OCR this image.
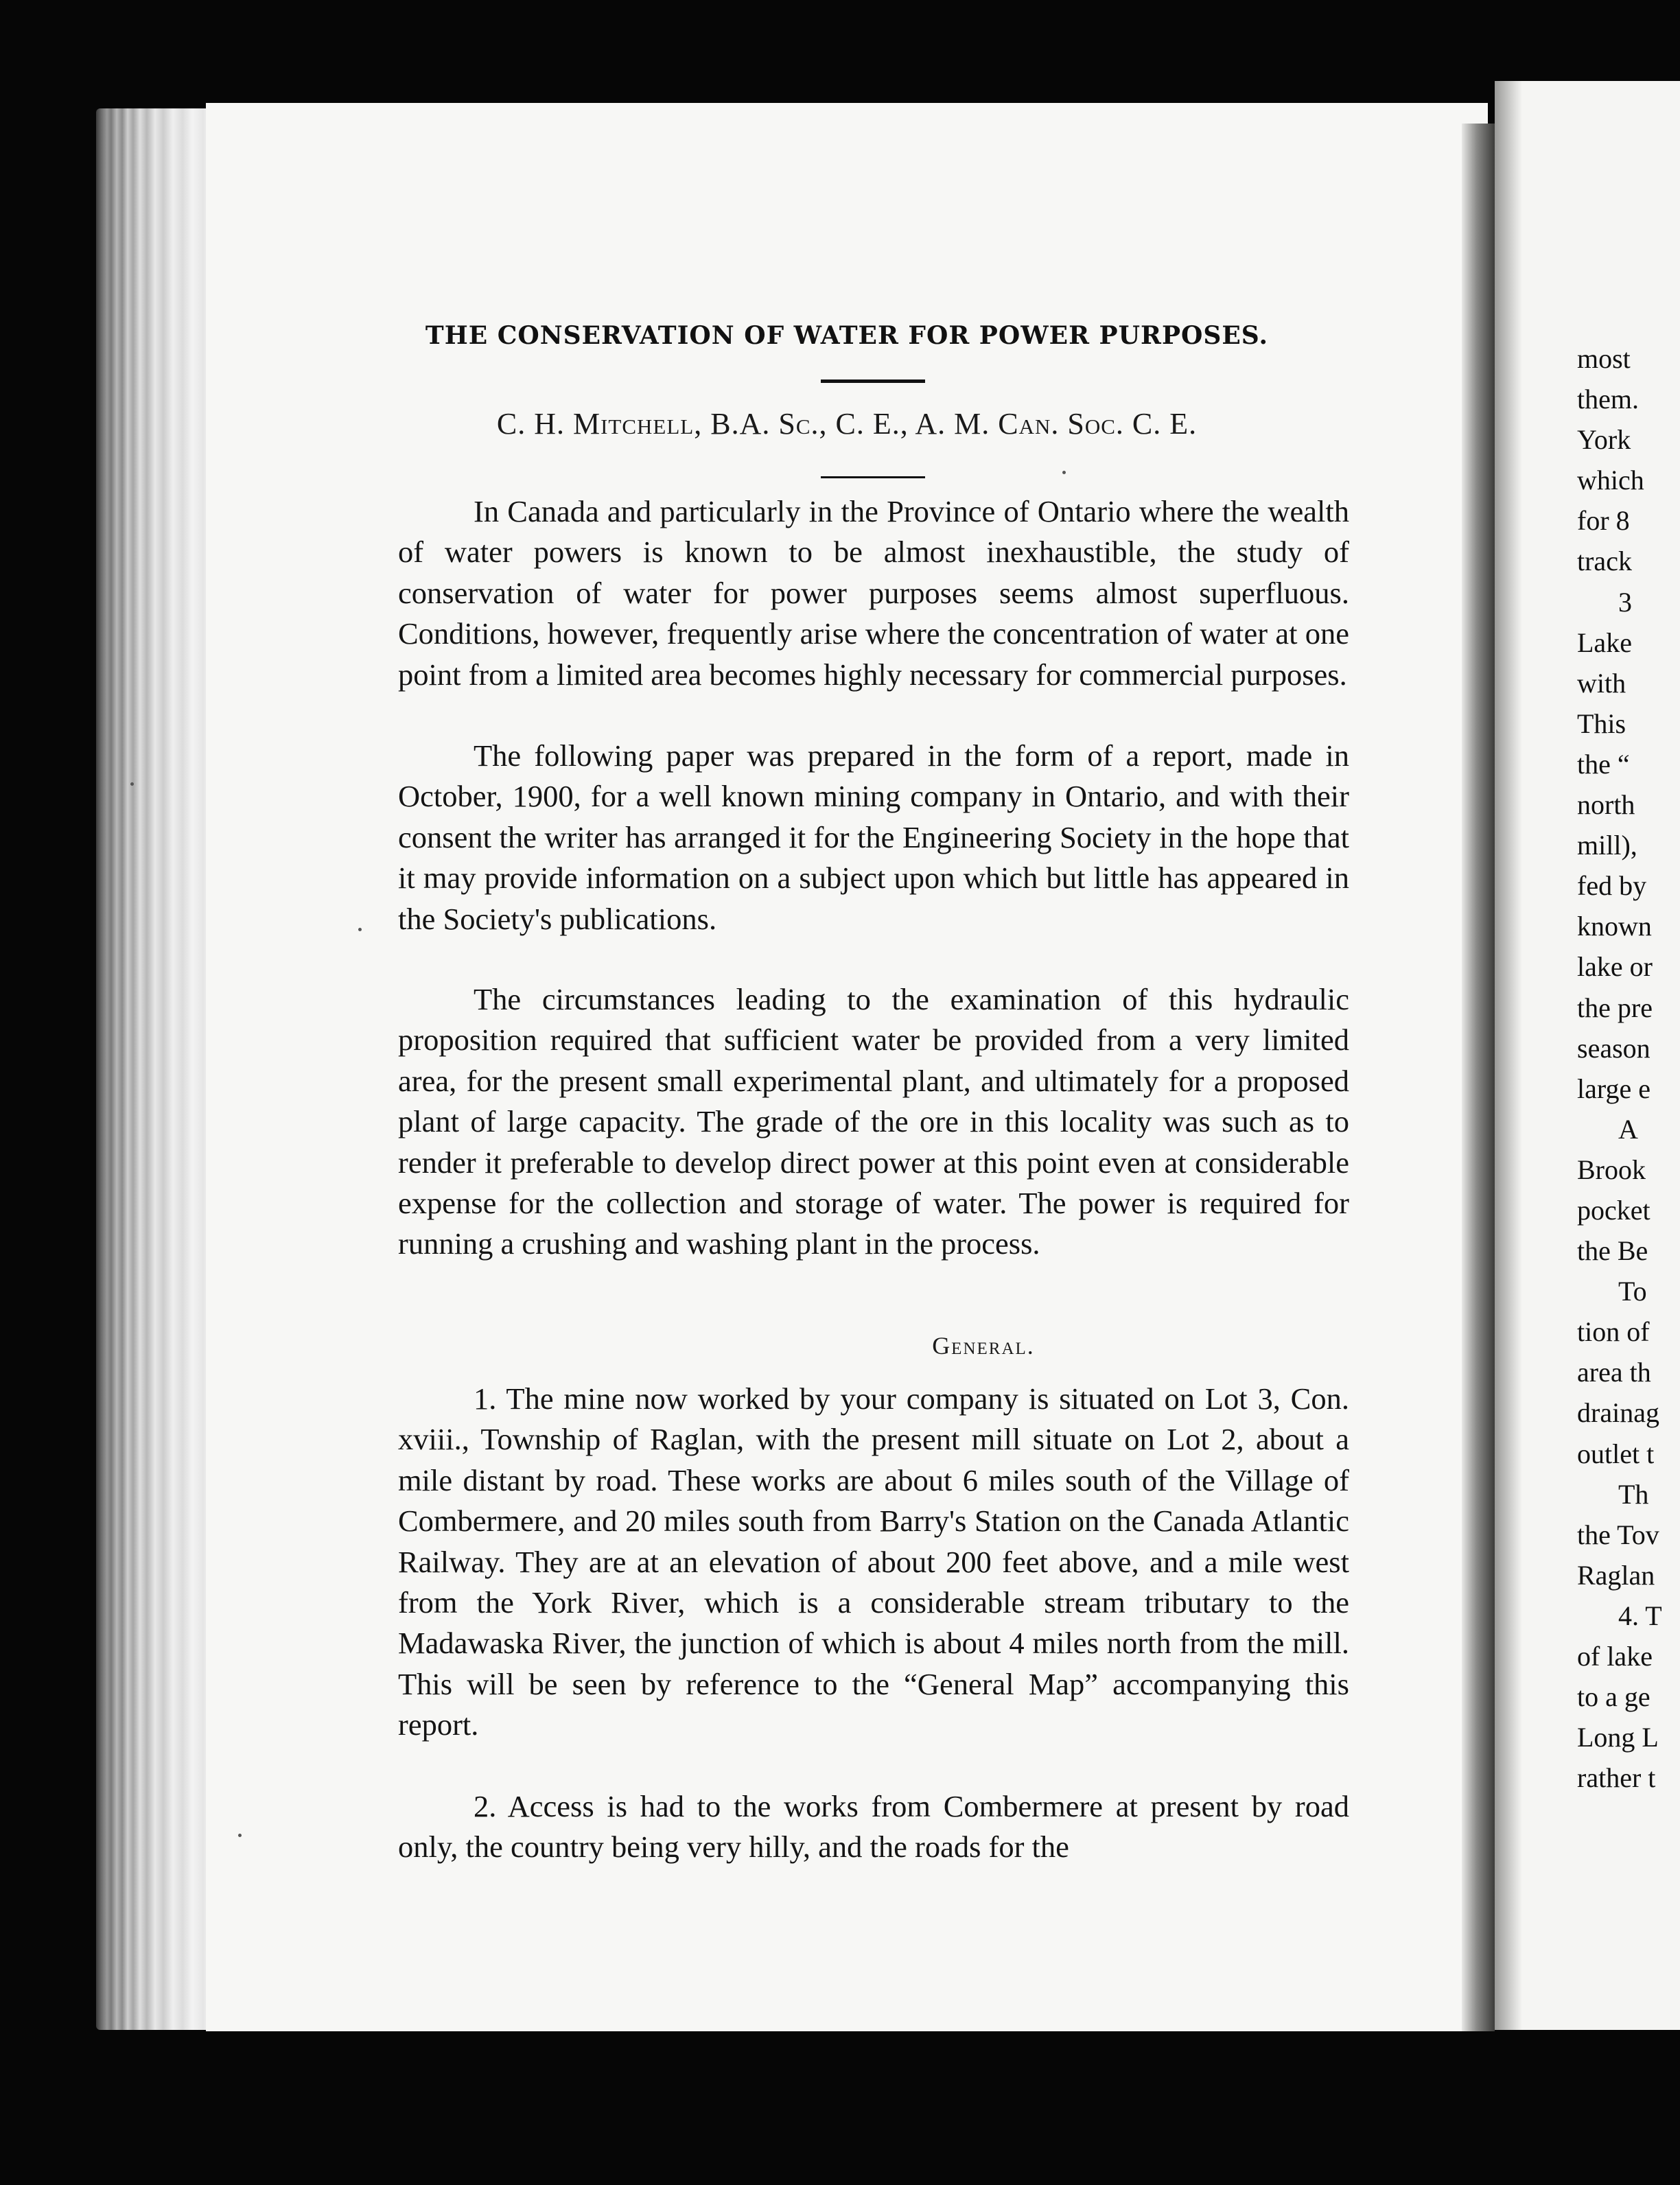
THE CONSERVATION OF WATER FOR POWER PURPOSES.
C. H. Mitchell, B.A. Sc., C. E., A. M. Can. Soc. C. E.

In Canada and particularly in the Province of Ontario where the wealth of water powers is known to be almost inexhaustible, the study of conservation of water for power purposes seems almost superfluous. Conditions, however, frequently arise where the concentration of water at one point from a limited area becomes highly necessary for commercial purposes.

The following paper was prepared in the form of a report, made in October, 1900, for a well known mining company in Ontario, and with their consent the writer has arranged it for the Engineering Society in the hope that it may provide information on a subject upon which but little has appeared in the Society's publications.

The circumstances leading to the examination of this hydraulic proposition required that sufficient water be provided from a very limited area, for the present small experimental plant, and ultimately for a proposed plant of large capacity. The grade of the ore in this locality was such as to render it preferable to develop direct power at this point even at considerable expense for the collection and storage of water. The power is required for running a crushing and washing plant in the process.

General.

1. The mine now worked by your company is situated on Lot 3, Con. xviii., Township of Raglan, with the present mill situate on Lot 2, about a mile distant by road. These works are about 6 miles south of the Village of Combermere, and 20 miles south from Barry's Station on the Canada Atlantic Railway. They are at an elevation of about 200 feet above, and a mile west from the York River, which is a considerable stream tributary to the Madawaska River, the junction of which is about 4 miles north from the mill. This will be seen by reference to the “General Map” accompanying this report.

2. Access is had to the works from Combermere at present by road only, the country being very hilly, and the roads for the

most
them.
York
which
for 8
track
3
Lake
with
This
the “
north
mill),
fed by
known
lake or
the pre
season
large e
A
Brook
pocket
the Be
To
tion of
area th
drainag
outlet t
Th
the Tov
Raglan
4. T
of lake
to a ge
Long L
rather t
